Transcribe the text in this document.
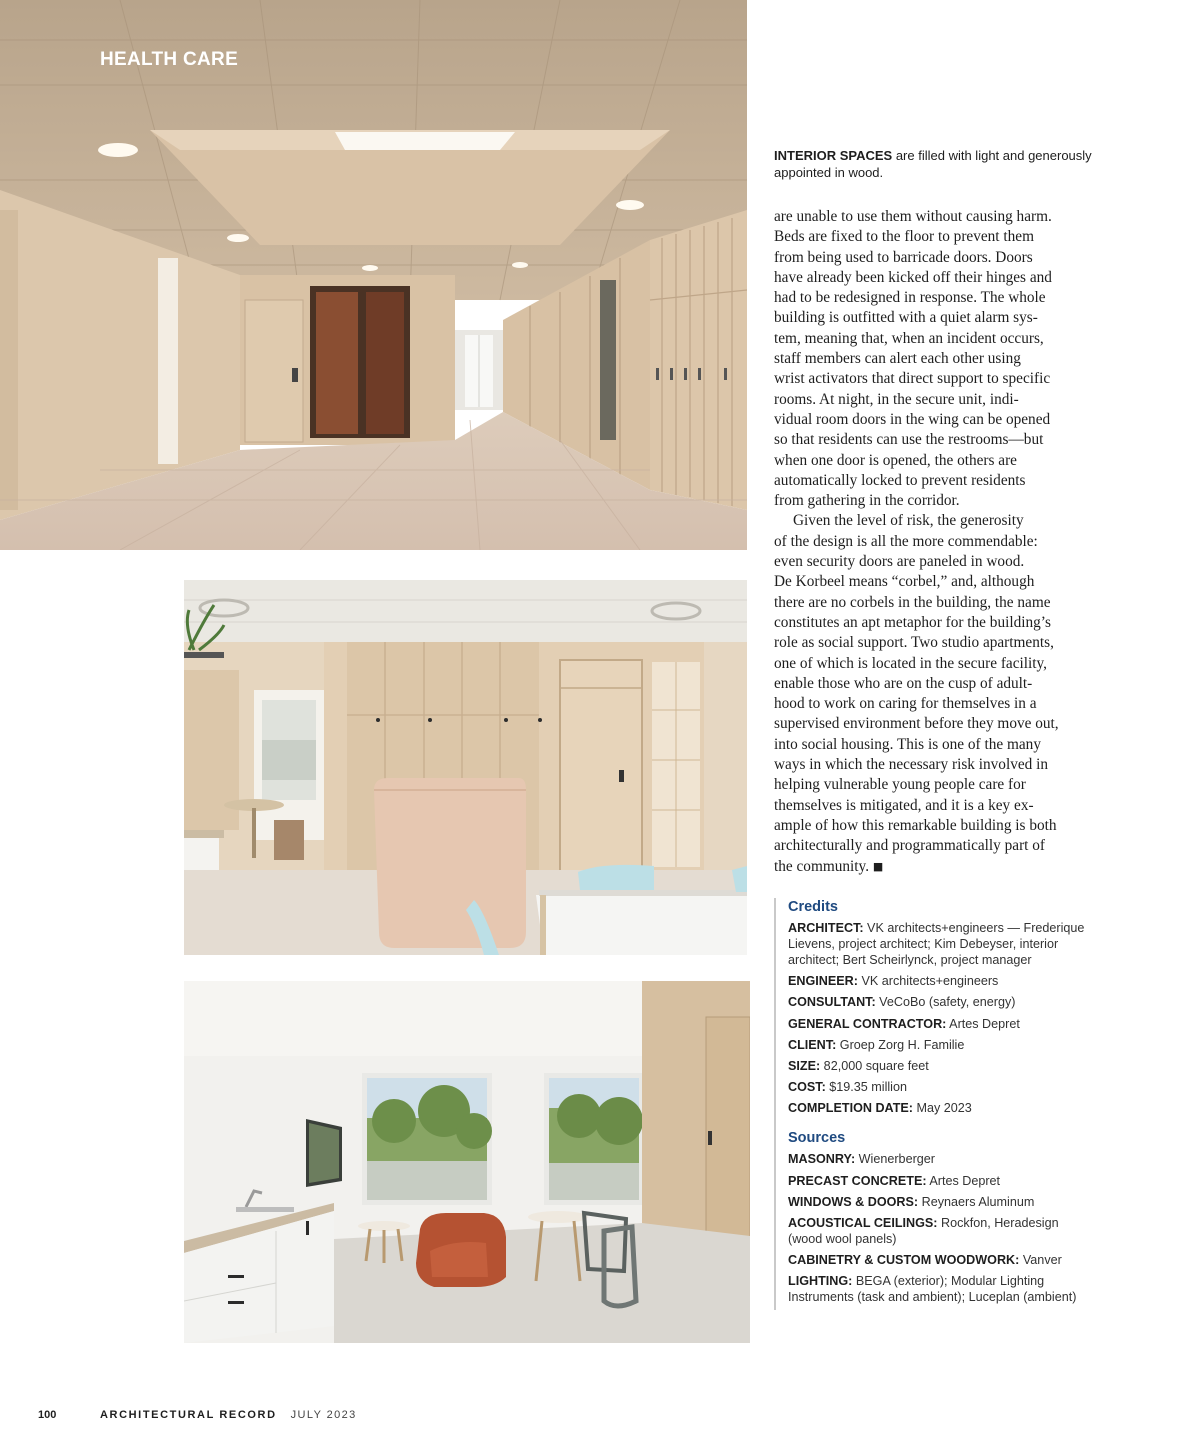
HEALTH CARE

INTERIOR SPACES are filled with light and generously appointed in wood.

are unable to use them without causing harm.
Beds are fixed to the floor to prevent them
from being used to barricade doors. Doors
have already been kicked off their hinges and
had to be redesigned in response. The whole
building is outfitted with a quiet alarm sys-
tem, meaning that, when an incident occurs,
staff members can alert each other using
wrist activators that direct support to specific
rooms. At night, in the secure unit, indi-
vidual room doors in the wing can be opened
so that residents can use the restrooms—but
when one door is opened, the others are
automatically locked to prevent residents
from gathering in the corridor.
Given the level of risk, the generosity
of the design is all the more commendable:
even security doors are paneled in wood.
De Korbeel means “corbel,” and, although
there are no corbels in the building, the name
constitutes an apt metaphor for the building’s
role as social support. Two studio apartments,
one of which is located in the secure facility,
enable those who are on the cusp of adult-
hood to work on caring for themselves in a
supervised environment before they move out,
into social housing. This is one of the many
ways in which the necessary risk involved in
helping vulnerable young people care for
themselves is mitigated, and it is a key ex-
ample of how this remarkable building is both
architecturally and programmatically part of
the community. ■

Credits

ARCHITECT: VK architects+engineers — Frederique Lievens, project architect; Kim Debeyser, interior architect; Bert Scheirlynck, project manager

ENGINEER: VK architects+engineers

CONSULTANT: VeCoBo (safety, energy)

GENERAL CONTRACTOR: Artes Depret

CLIENT: Groep Zorg H. Familie

SIZE: 82,000 square feet

COST: $19.35 million

COMPLETION DATE: May 2023

Sources

MASONRY: Wienerberger

PRECAST CONCRETE: Artes Depret

WINDOWS & DOORS: Reynaers Aluminum

ACOUSTICAL CEILINGS: Rockfon, Heradesign (wood wool panels)

CABINETRY & CUSTOM WOODWORK: Vanver

LIGHTING: BEGA (exterior); Modular Lighting Instruments (task and ambient); Luceplan (ambient)

100	ARCHITECTURAL RECORD JULY 2023
